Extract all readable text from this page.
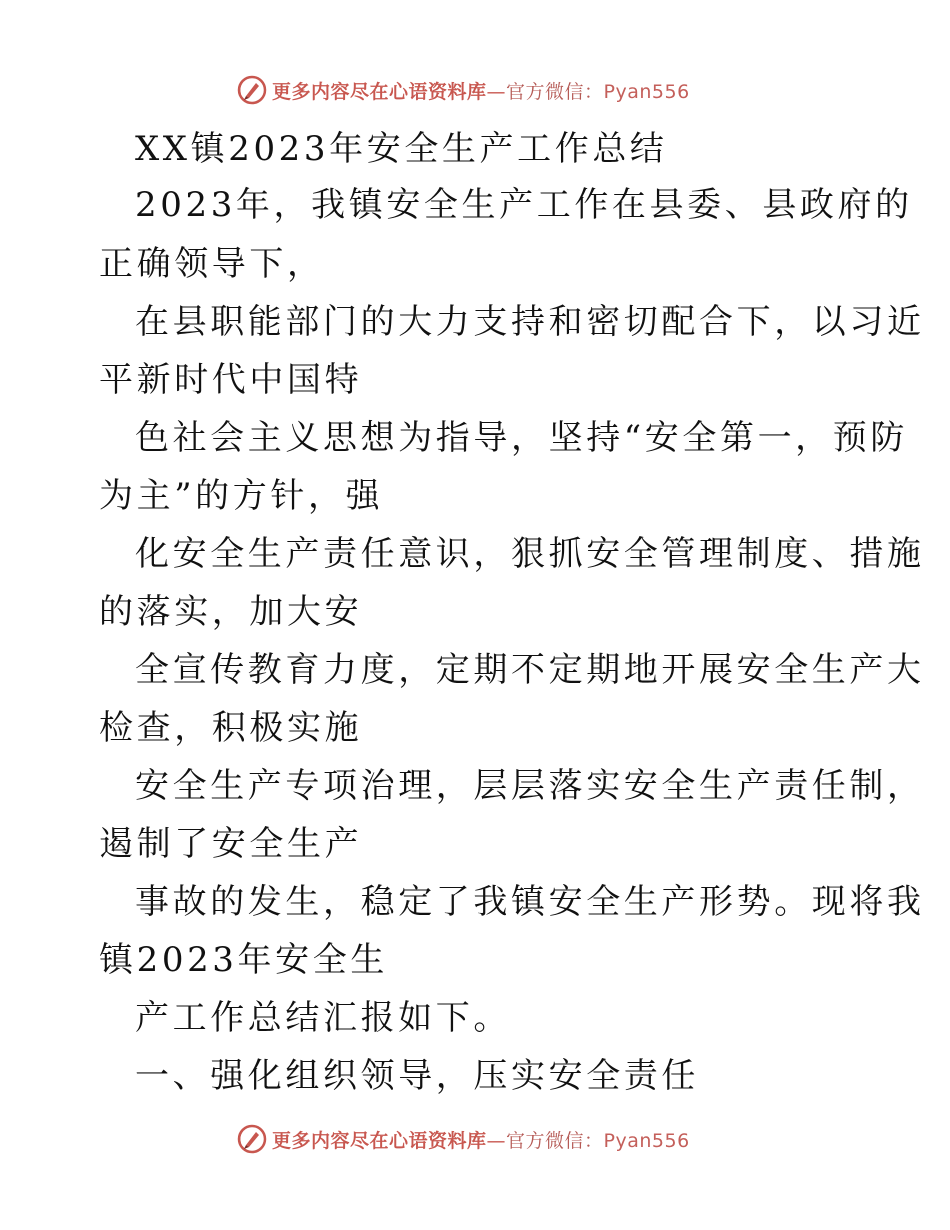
更多内容尽在心语资料库—官方微信：Pyan556
XX镇2023年安全生产工作总结
2023年，我镇安全生产工作在县委、县政府的
正确领导下，
在县职能部门的大力支持和密切配合下，以习近
平新时代中国特
色社会主义思想为指导，坚持“安全第一，预防
为主”的方针，强
化安全生产责任意识，狠抓安全管理制度、措施
的落实，加大安
全宣传教育力度，定期不定期地开展安全生产大
检查，积极实施
安全生产专项治理，层层落实安全生产责任制，
遏制了安全生产
事故的发生，稳定了我镇安全生产形势。现将我
镇2023年安全生
产工作总结汇报如下。
一、强化组织领导，压实安全责任
更多内容尽在心语资料库—官方微信：Pyan556
